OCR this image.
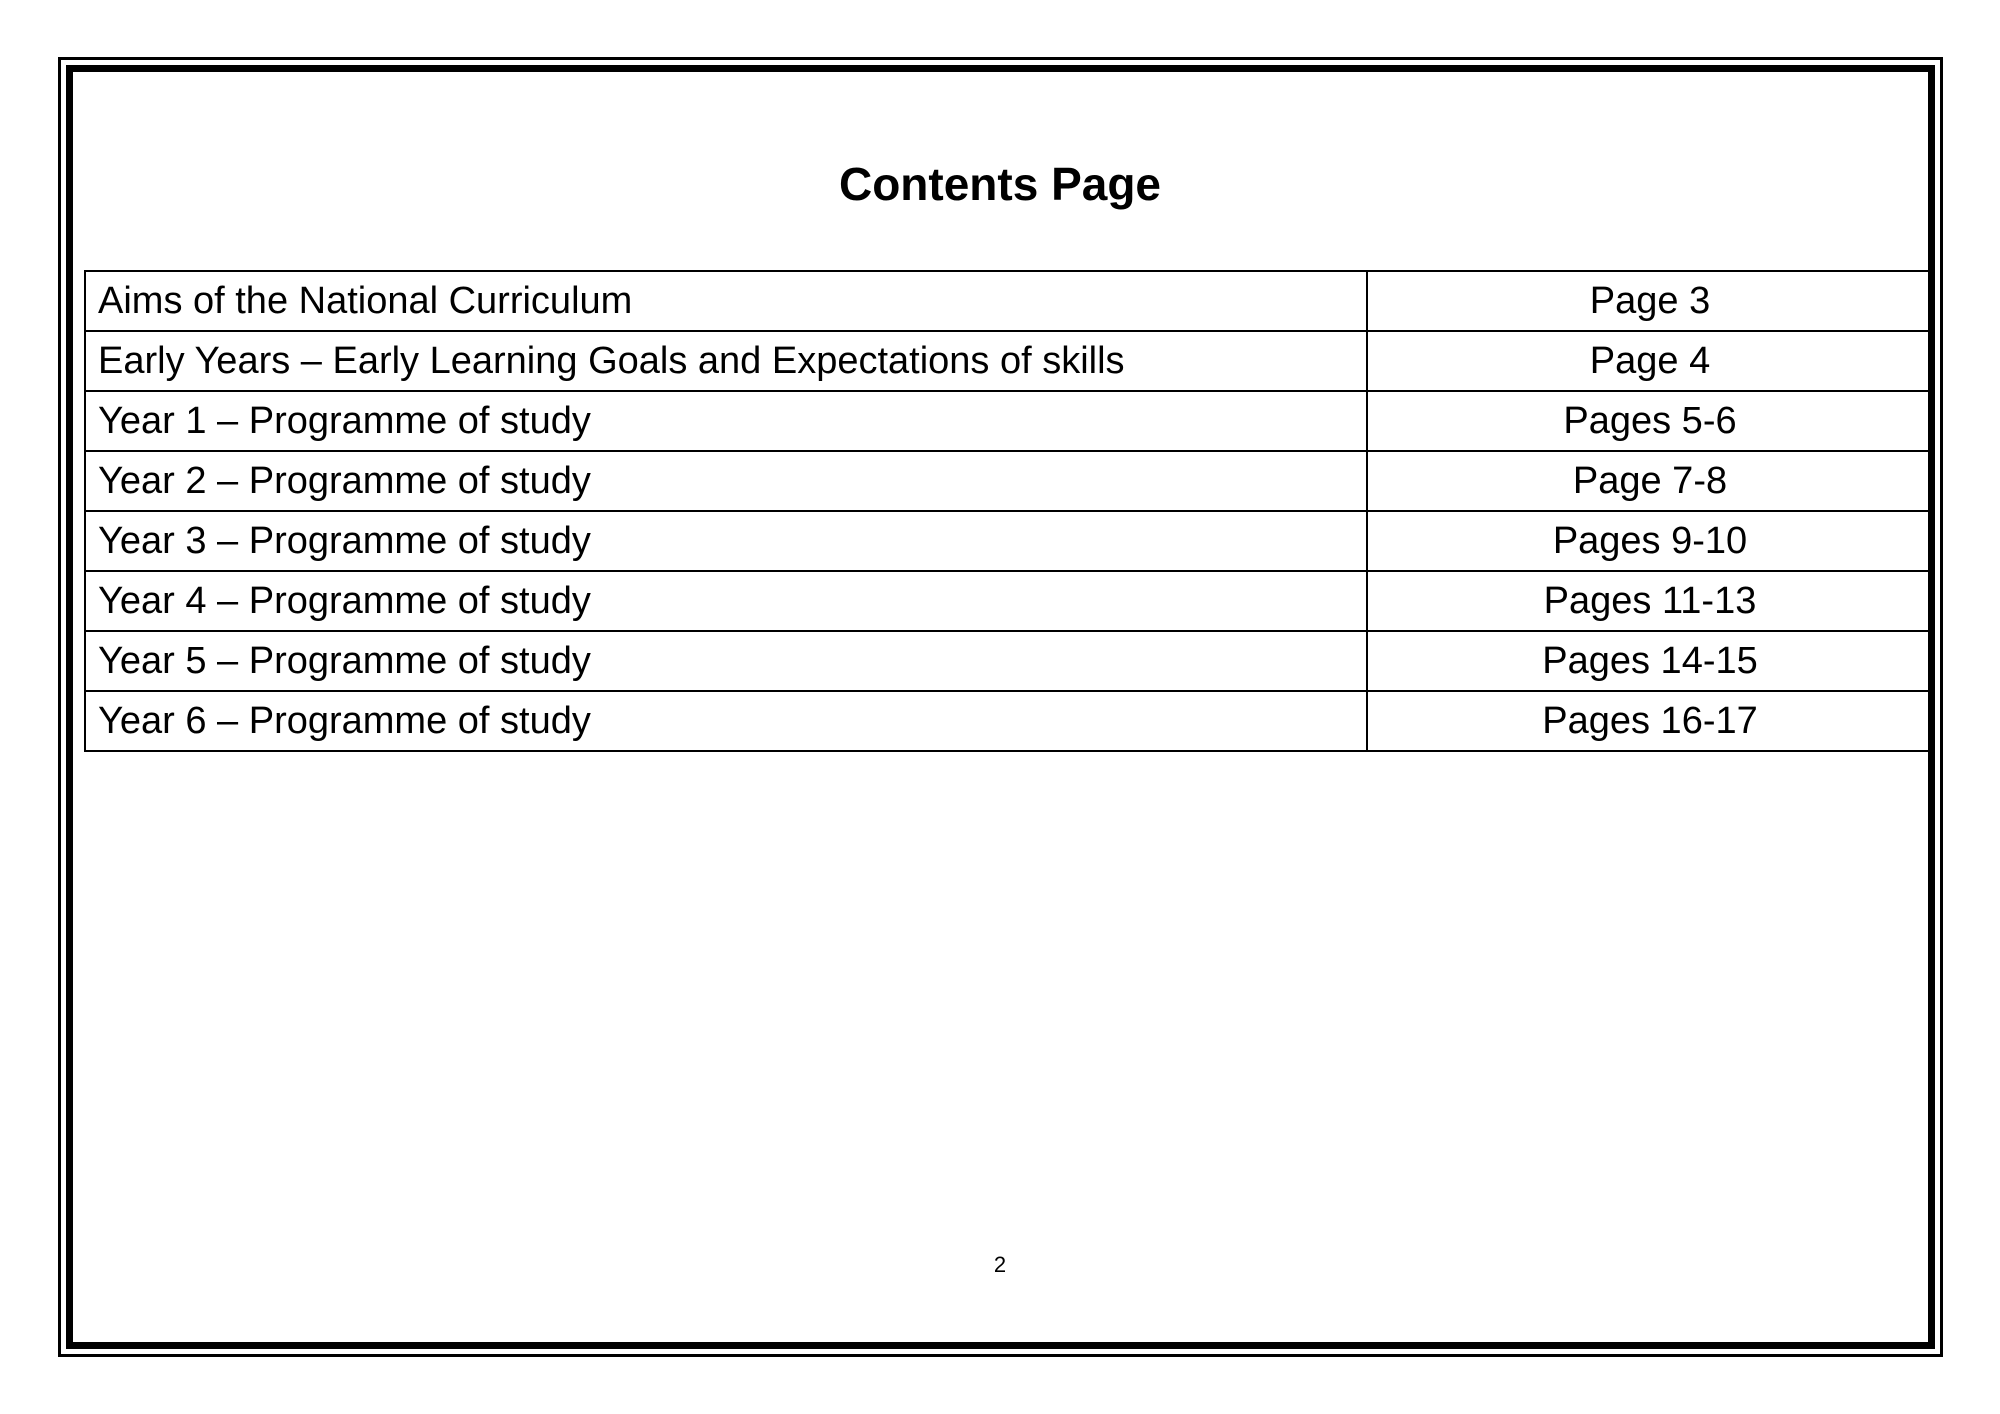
Contents Page
Aims of the National Curriculum	Page 3
Early Years – Early Learning Goals and Expectations of skills	Page 4
Year 1 – Programme of study	Pages 5-6
Year 2 – Programme of study	Page 7-8
Year 3 – Programme of study	Pages 9-10
Year 4 – Programme of study	Pages 11-13
Year 5 – Programme of study	Pages 14-15
Year 6 – Programme of study	Pages 16-17
2
